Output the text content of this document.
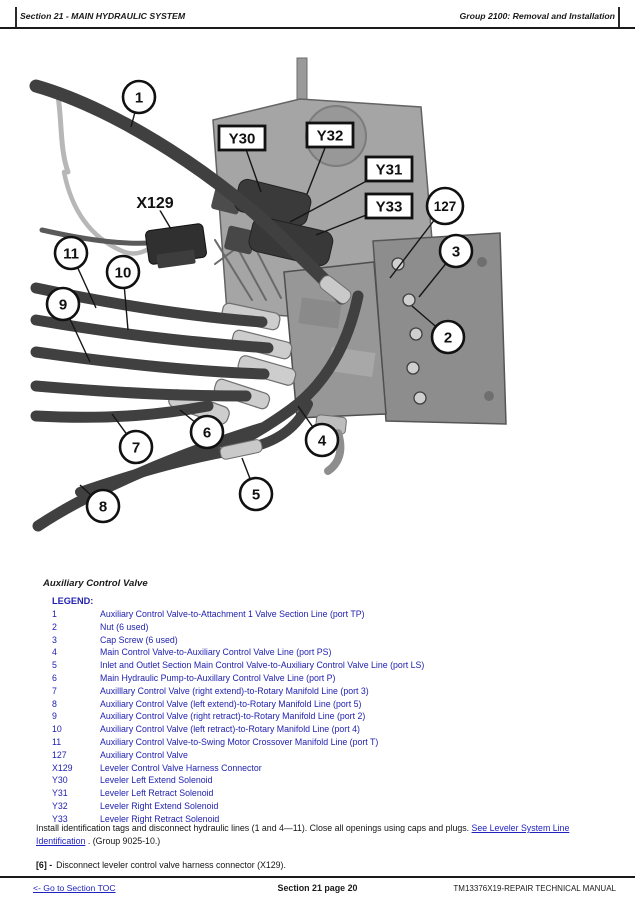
Section 21 - MAIN HYDRAULIC SYSTEM	Group 2100: Removal and Installation
1
11
10
9
6
7
8
5
4
2
3
127
X129
Y30	Y32
Y31
Y33
Auxiliary Control Valve
LEGEND:
1	Auxiliary Control Valve-to-Attachment 1 Valve Section Line (port TP)
2	Nut (6 used)
3	Cap Screw (6 used)
4	Main Control Valve-to-Auxiliary Control Valve Line (port PS)
5	Inlet and Outlet Section Main Control Valve-to-Auxiliary Control Valve Line (port LS)
6	Main Hydraulic Pump-to-Auxillary Control Valve Line (port P)
7	Auxilllary Control Valve (right extend)-to-Rotary Manifold Line (port 3)
8	Auxiliary Control Valve (left extend)-to-Rotary Manifold Line (port 5)
9	Auxiliary Control Valve (right retract)-to-Rotary Manifold Line (port 2)
10	Auxiliary Control Valve (left retract)-to-Rotary Manifold Line (port 4)
11	Auxiliary Control Valve-to-Swing Motor Crossover Manifold Line (port T)
127	Auxiliary Control Valve
X129	Leveler Control Valve Harness Connector
Y30	Leveler Left Extend Solenoid
Y31	Leveler Left Retract Solenoid
Y32	Leveler Right Extend Solenoid
Y33	Leveler Right Retract Solenoid
Install identification tags and disconnect hydraulic lines (1 and 4—11). Close all openings using caps and plugs. See Leveler System Line Identification . (Group 9025-10.)
[6] - Disconnect leveler control valve harness connector (X129).
<- Go to Section TOC	Section 21 page 20	TM13376X19-REPAIR TECHNICAL MANUAL
